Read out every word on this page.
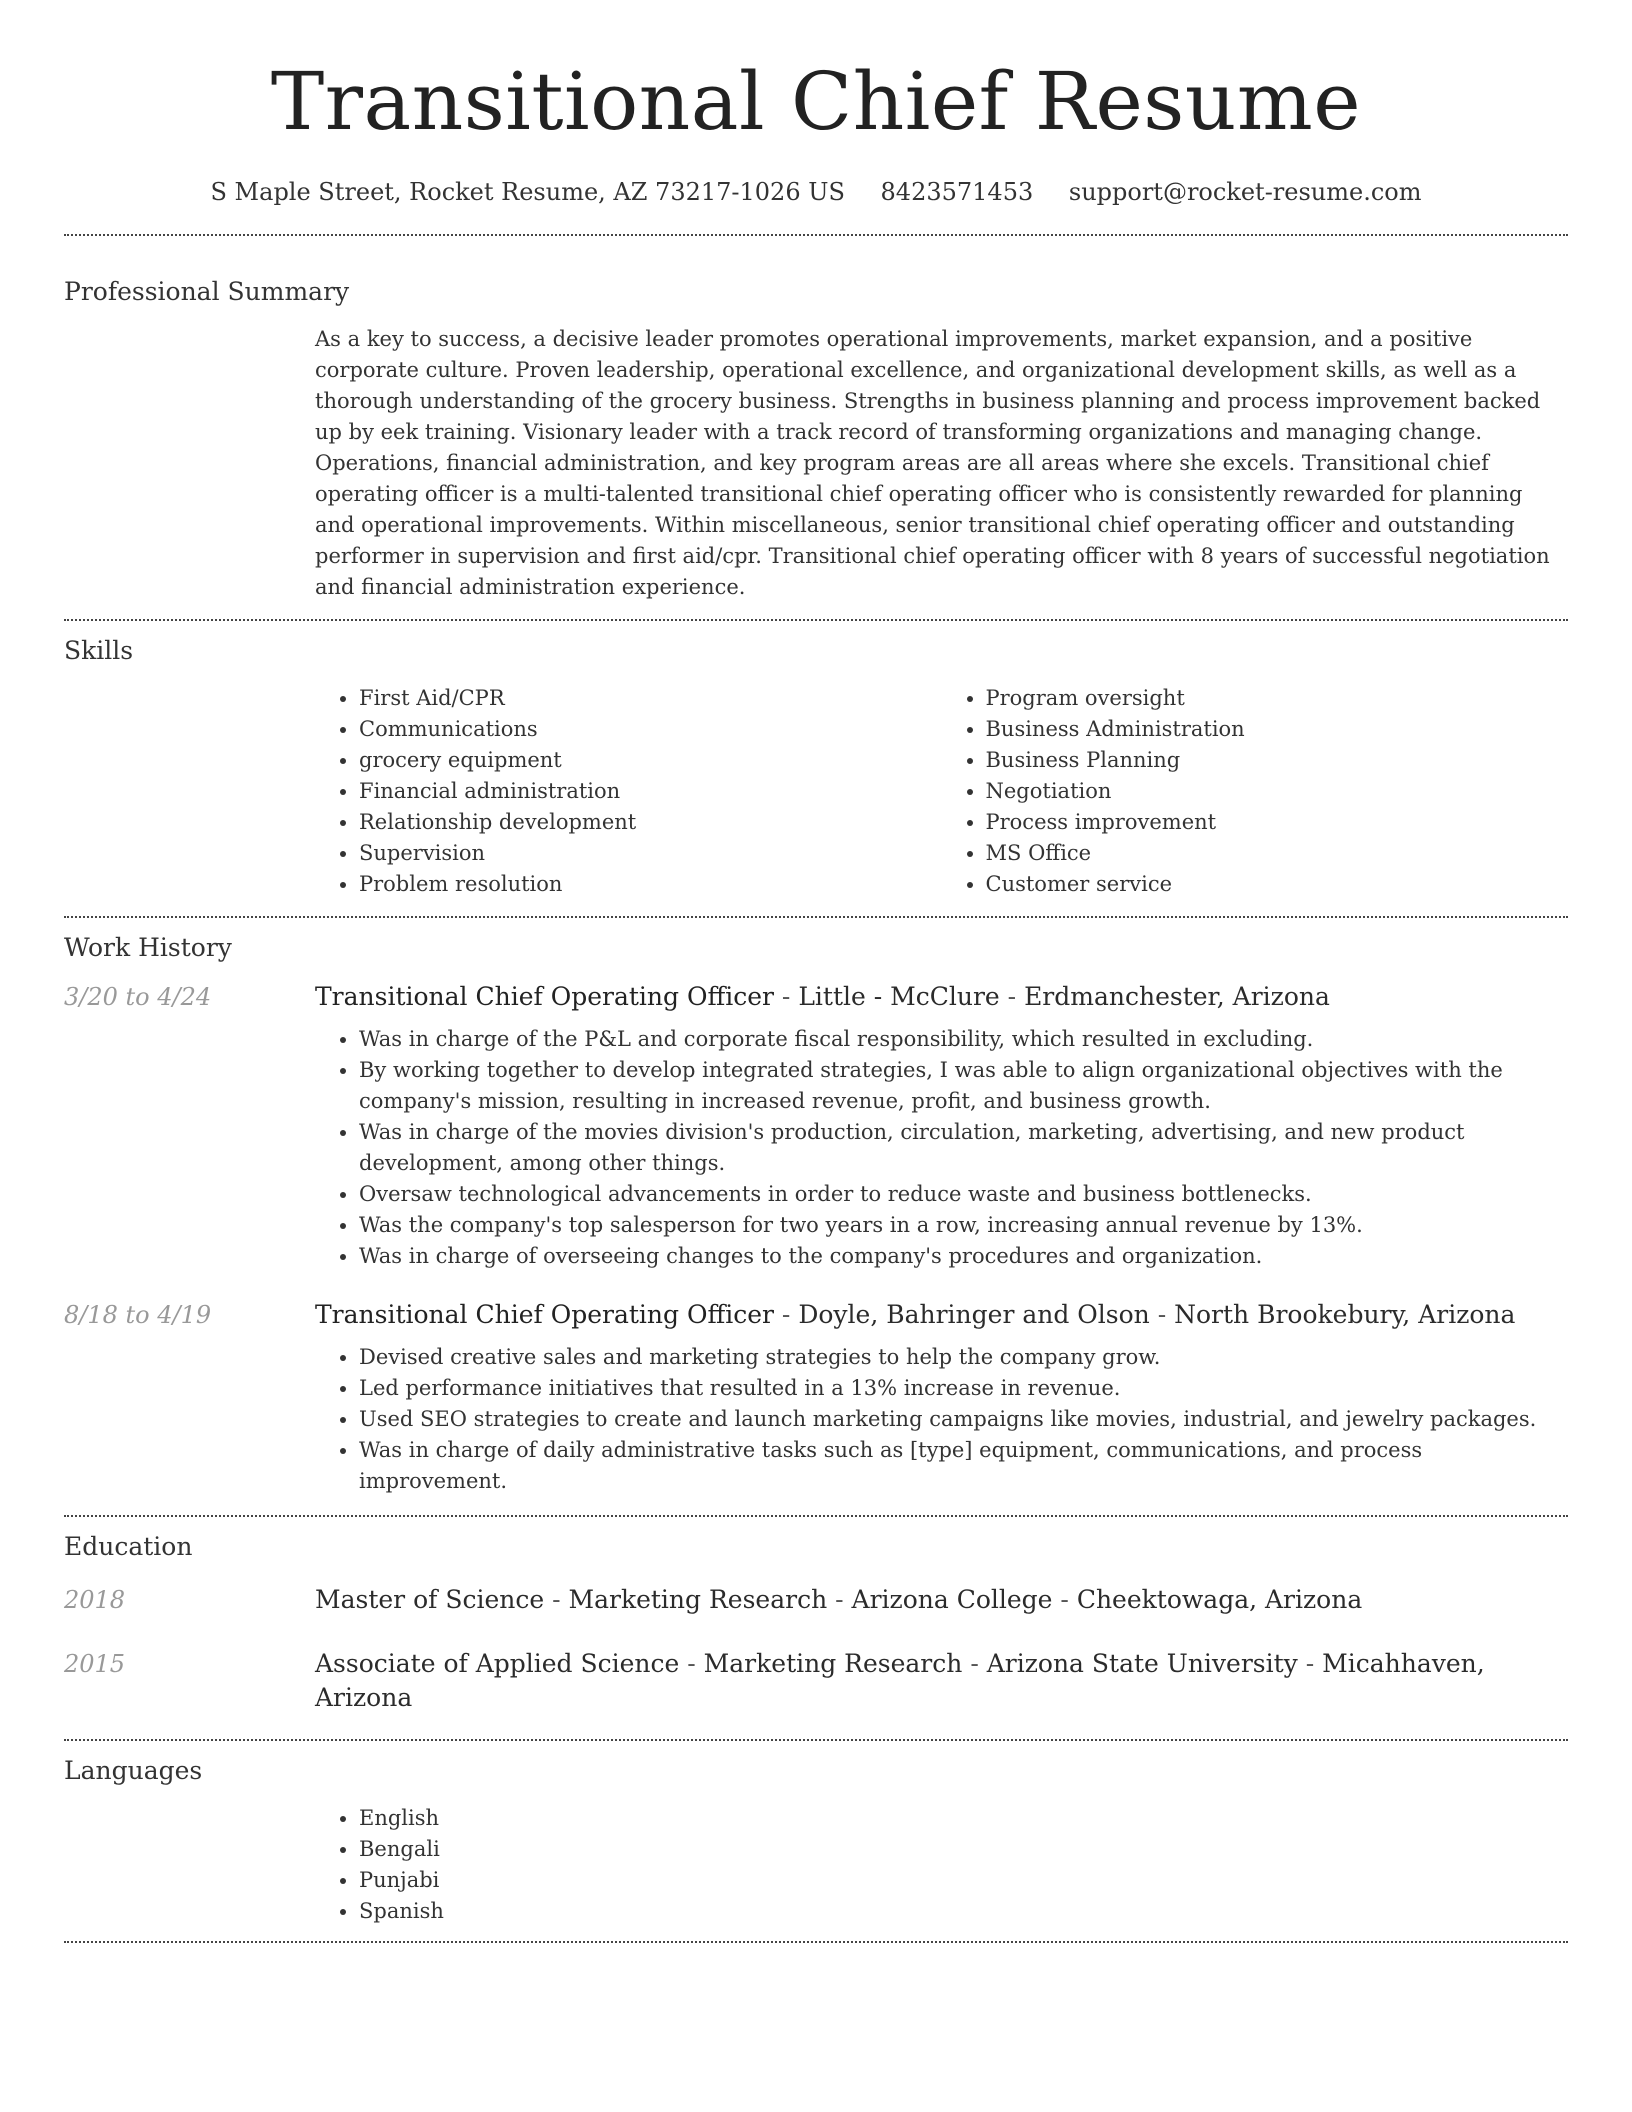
Transitional Chief Resume
S Maple Street, Rocket Resume, AZ 73217-1026 US 8423571453 support@rocket-resume.com
Professional Summary

As a key to success, a decisive leader promotes operational improvements, market expansion, and a positive corporate culture. Proven leadership, operational excellence, and organizational development skills, as well as a thorough understanding of the grocery business. Strengths in business planning and process improvement backed up by eek training. Visionary leader with a track record of transforming organizations and managing change. Operations, financial administration, and key program areas are all areas where she excels. Transitional chief operating officer is a multi-talented transitional chief operating officer who is consistently rewarded for planning and operational improvements. Within miscellaneous, senior transitional chief operating officer and outstanding performer in supervision and first aid/cpr. Transitional chief operating officer with 8 years of successful negotiation and financial administration experience.

Skills
• First Aid/CPR
• Communications
• grocery equipment
• Financial administration
• Relationship development
• Supervision
• Problem resolution
• Program oversight
• Business Administration
• Business Planning
• Negotiation
• Process improvement
• MS Office
• Customer service
Work History
3/20 to 4/24	Transitional Chief Operating Officer - Little - McClure - Erdmanchester, Arizona
• Was in charge of the P&L and corporate fiscal responsibility, which resulted in excluding.
• By working together to develop integrated strategies, I was able to align organizational objectives with the company's mission, resulting in increased revenue, profit, and business growth.
• Was in charge of the movies division's production, circulation, marketing, advertising, and new product development, among other things.
• Oversaw technological advancements in order to reduce waste and business bottlenecks.
• Was the company's top salesperson for two years in a row, increasing annual revenue by 13%.
• Was in charge of overseeing changes to the company's procedures and organization.
8/18 to 4/19	Transitional Chief Operating Officer - Doyle, Bahringer and Olson - North Brookebury, Arizona
• Devised creative sales and marketing strategies to help the company grow.
• Led performance initiatives that resulted in a 13% increase in revenue.
• Used SEO strategies to create and launch marketing campaigns like movies, industrial, and jewelry packages.
• Was in charge of daily administrative tasks such as [type] equipment, communications, and process improvement.
Education
2018	Master of Science - Marketing Research - Arizona College - Cheektowaga, Arizona
2015	Associate of Applied Science - Marketing Research - Arizona State University - Micahhaven, Arizona
Languages
• English
• Bengali
• Punjabi
• Spanish
